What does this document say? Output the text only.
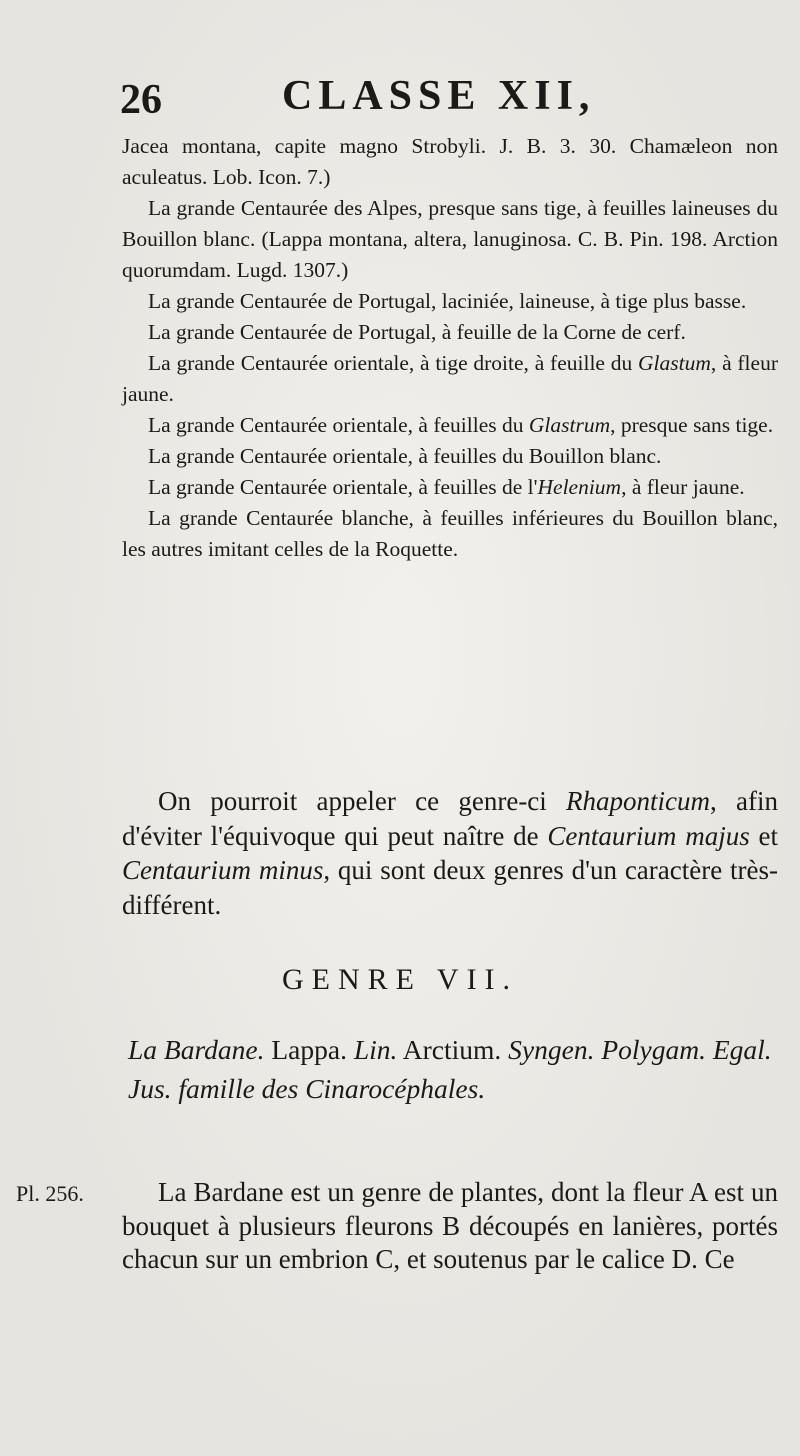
26	CLASSE XII,

Jacea montana, capite magno Strobyli. J. B. 3. 30. Chamæleon non aculeatus. Lob. Icon. 7.)

La grande Centaurée des Alpes, presque sans tige, à feuilles laineuses du Bouillon blanc. (Lappa montana, altera, lanuginosa. C. B. Pin. 198. Arction quorumdam. Lugd. 1307.)

La grande Centaurée de Portugal, laciniée, laineuse, à tige plus basse.

La grande Centaurée de Portugal, à feuille de la Corne de cerf.

La grande Centaurée orientale, à tige droite, à feuille du Glastum, à fleur jaune.

La grande Centaurée orientale, à feuilles du Glastrum, presque sans tige.

La grande Centaurée orientale, à feuilles du Bouillon blanc.

La grande Centaurée orientale, à feuilles de l'Helenium, à fleur jaune.

La grande Centaurée blanche, à feuilles inférieures du Bouillon blanc, les autres imitant celles de la Roquette.

On pourroit appeler ce genre-ci Rhaponticum, afin d'éviter l'équivoque qui peut naître de Centaurium majus et Centaurium minus, qui sont deux genres d'un caractère très-différent.

GENRE VII.
La Bardane. Lappa. Lin. Arctium. Syngen. Polygam. Egal. Jus. famille des Cinarocéphales.
Pl. 256.	La Bardane est un genre de plantes, dont la fleur A est un bouquet à plusieurs fleurons B découpés en lanières, portés chacun sur un embrion C, et soutenus par le calice D. Ce
